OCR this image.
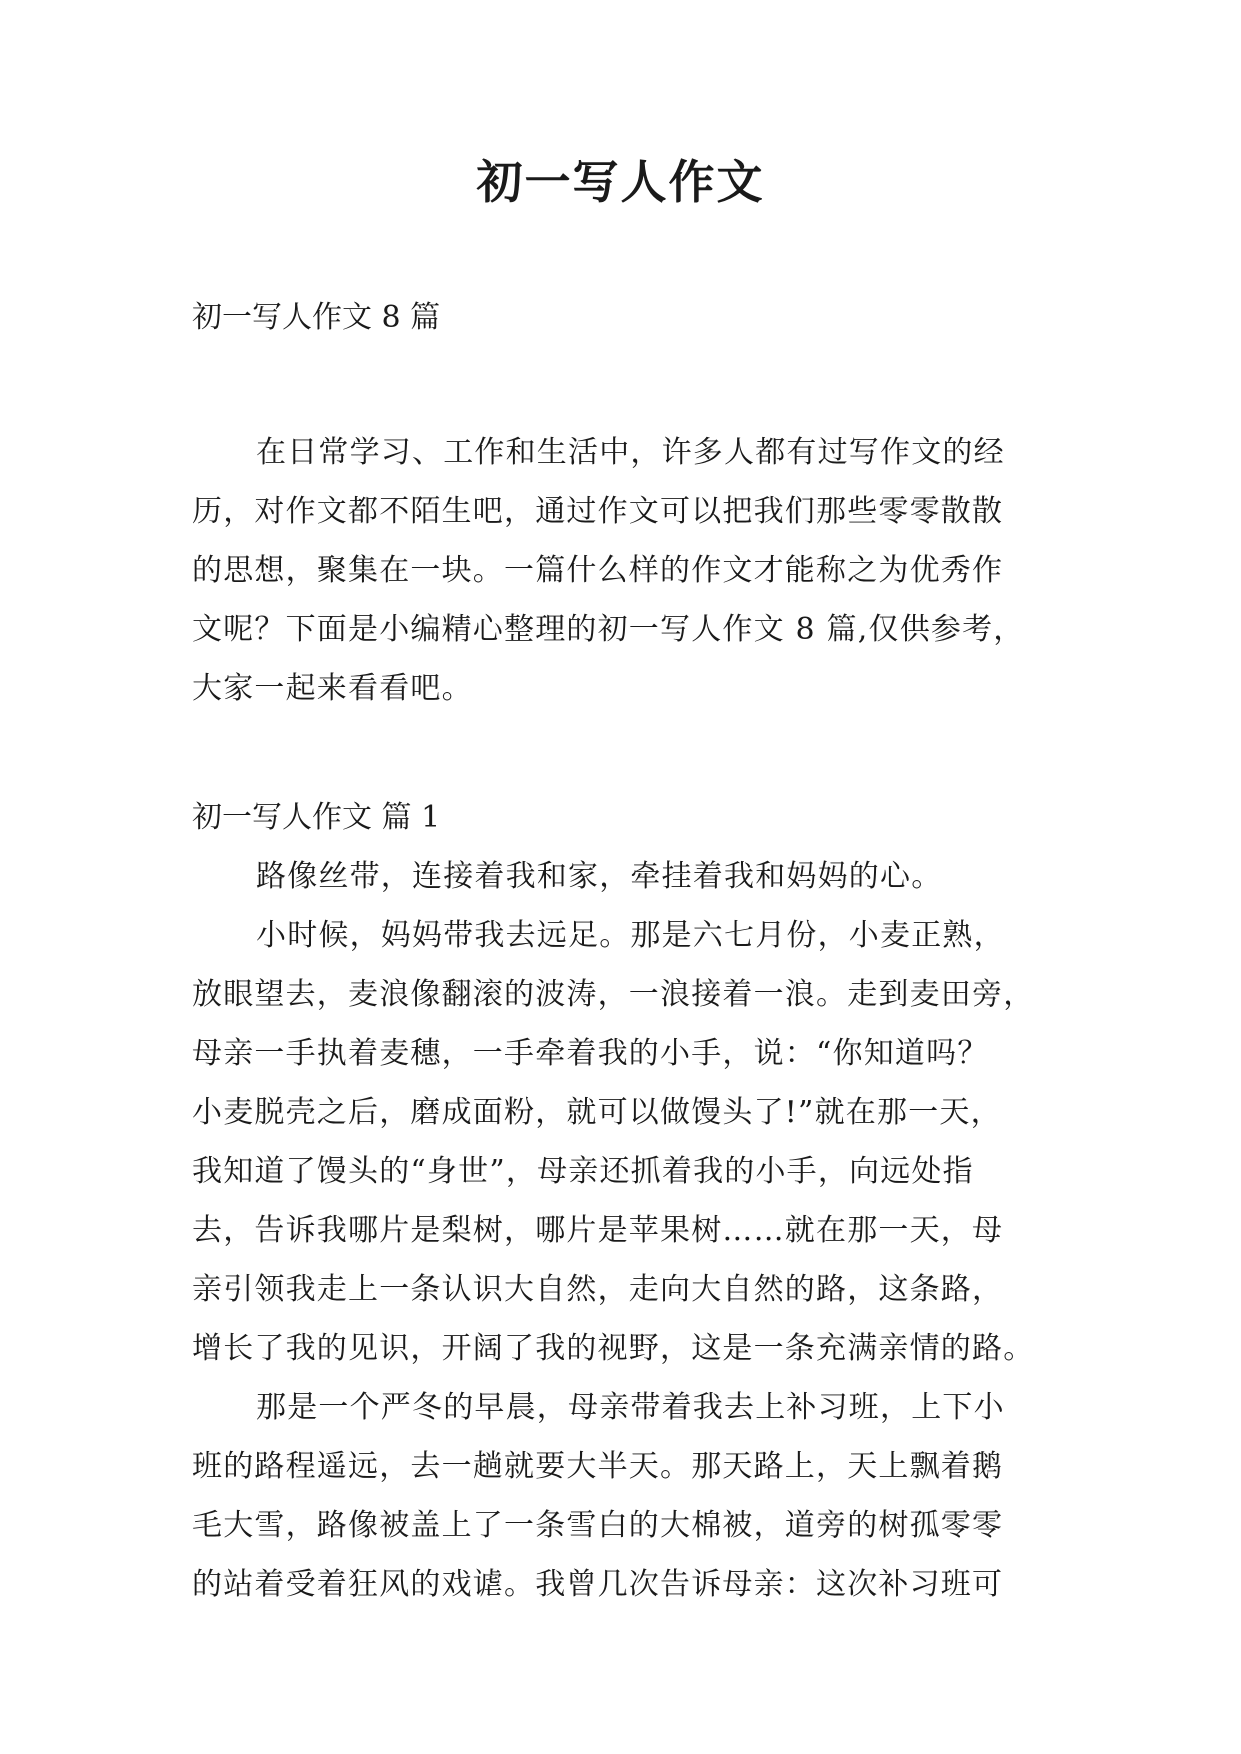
初一写人作文
初一写人作文 8 篇
在日常学习、工作和生活中，许多人都有过写作文的经
历，对作文都不陌生吧，通过作文可以把我们那些零零散散
的思想，聚集在一块。一篇什么样的作文才能称之为优秀作
文呢？下面是小编精心整理的初一写人作文 8 篇,仅供参考，
大家一起来看看吧。
初一写人作文 篇 1
路像丝带，连接着我和家，牵挂着我和妈妈的心。
小时候，妈妈带我去远足。那是六七月份，小麦正熟，
放眼望去，麦浪像翻滚的波涛，一浪接着一浪。走到麦田旁，
母亲一手执着麦穗，一手牵着我的小手，说：“你知道吗？
小麦脱壳之后，磨成面粉，就可以做馒头了!”就在那一天，
我知道了馒头的“身世”，母亲还抓着我的小手，向远处指
去，告诉我哪片是梨树，哪片是苹果树……就在那一天，母
亲引领我走上一条认识大自然，走向大自然的路，这条路，
增长了我的见识，开阔了我的视野，这是一条充满亲情的路。
那是一个严冬的早晨，母亲带着我去上补习班，上下小
班的路程遥远，去一趟就要大半天。那天路上，天上飘着鹅
毛大雪，路像被盖上了一条雪白的大棉被，道旁的树孤零零
的站着受着狂风的戏谑。我曾几次告诉母亲：这次补习班可
